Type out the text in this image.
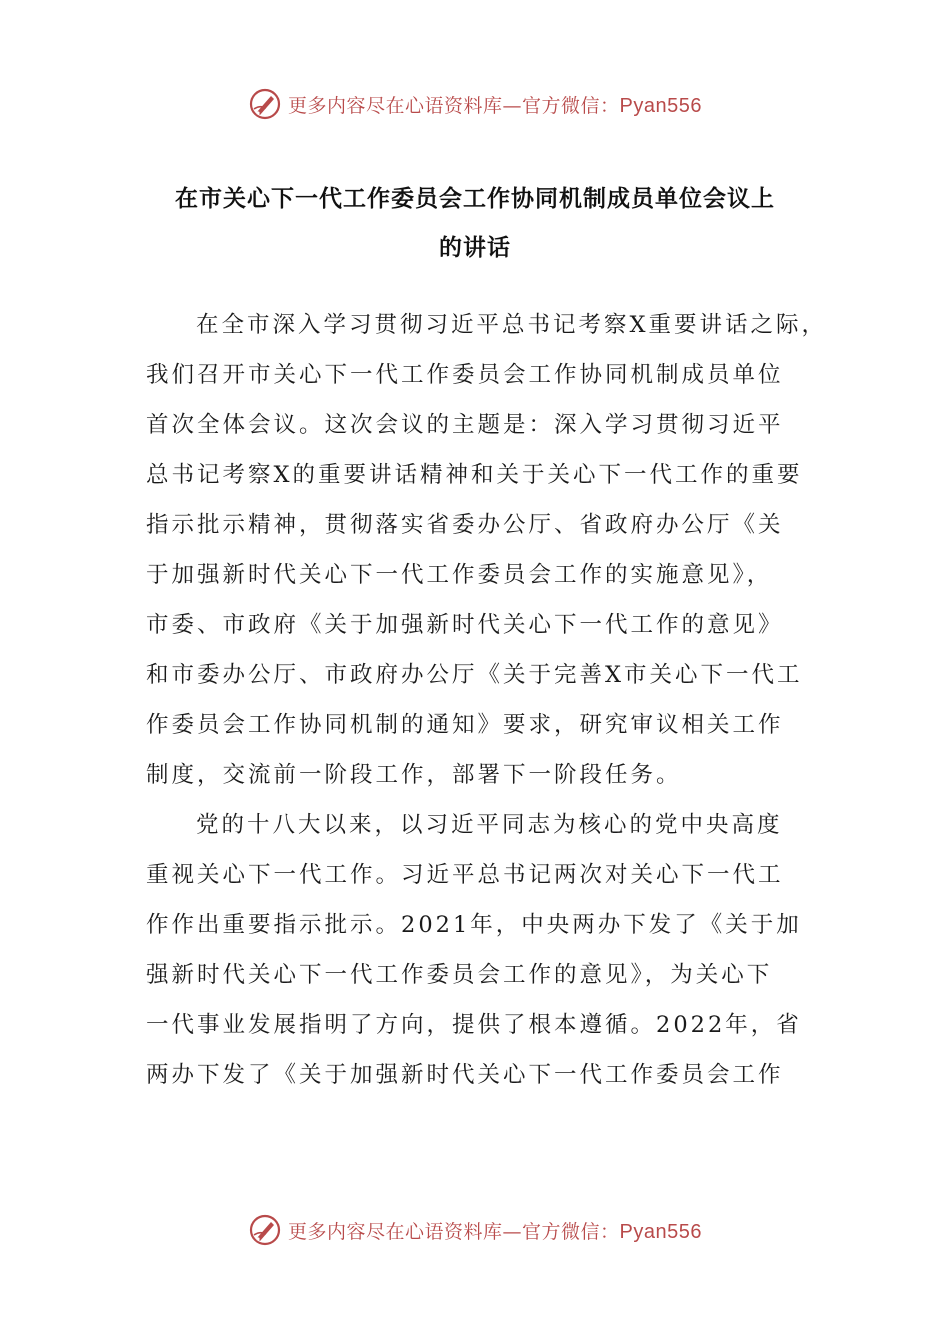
更多内容尽在心语资料库—官方微信：Pyan556
在市关心下一代工作委员会工作协同机制成员单位会议上
的讲话
在全市深入学习贯彻习近平总书记考察X重要讲话之际，
我们召开市关心下一代工作委员会工作协同机制成员单位
首次全体会议。这次会议的主题是：深入学习贯彻习近平
总书记考察X的重要讲话精神和关于关心下一代工作的重要
指示批示精神，贯彻落实省委办公厅、省政府办公厅《关
于加强新时代关心下一代工作委员会工作的实施意见》，
市委、市政府《关于加强新时代关心下一代工作的意见》
和市委办公厅、市政府办公厅《关于完善X市关心下一代工
作委员会工作协同机制的通知》要求，研究审议相关工作
制度，交流前一阶段工作，部署下一阶段任务。
党的十八大以来，以习近平同志为核心的党中央高度
重视关心下一代工作。习近平总书记两次对关心下一代工
作作出重要指示批示。2021年，中央两办下发了《关于加
强新时代关心下一代工作委员会工作的意见》，为关心下
一代事业发展指明了方向，提供了根本遵循。2022年，省
两办下发了《关于加强新时代关心下一代工作委员会工作
更多内容尽在心语资料库—官方微信：Pyan556
